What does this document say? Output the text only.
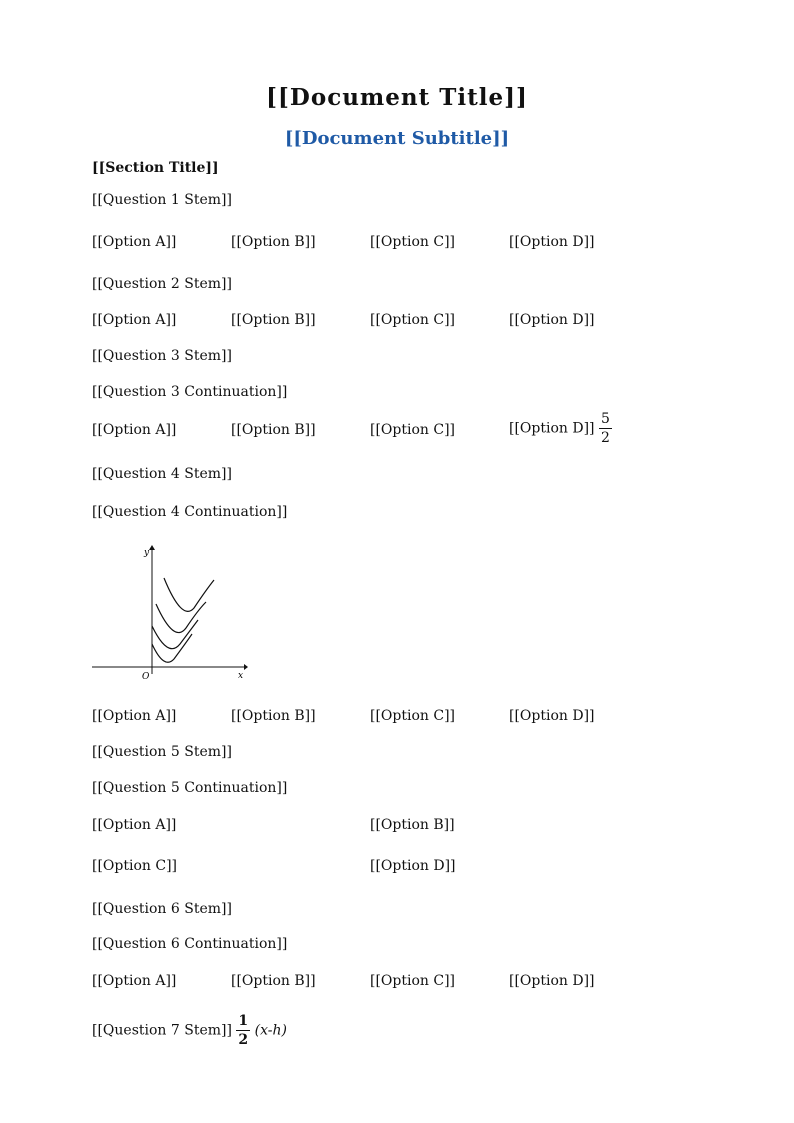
[[Document Title]]
[[Document Subtitle]]
[[Section Title]]
[[Question 1 Stem]]
[[Option A]]	[[Option B]]	[[Option C]]	[[Option D]]
[[Question 2 Stem]]
[[Option A]]	[[Option B]]	[[Option C]]	[[Option D]]
[[Question 3 Stem]]
[[Question 3 Continuation]]
[[Option A]]	[[Option B]]	[[Option C]]	[[Option $D]] \frac{5}{2}$
[[Question 4 Stem]]
[[Question 4 Continuation]]
y
x
O
[[Option A]]	[[Option B]]	[[Option C]]	[[Option D]]
[[Question 5 Stem]]
[[Question 5 Continuation]]
[[Option A]]	[[Option B]]
[[Option C]]	[[Option D]]
[[Question 6 Stem]]
[[Question 6 Continuation]]
[[Option A]]	[[Option B]]	[[Option C]]	[[Option D]]
[[Question 7 Stem]] $\frac{1}{2} (x-h)$
